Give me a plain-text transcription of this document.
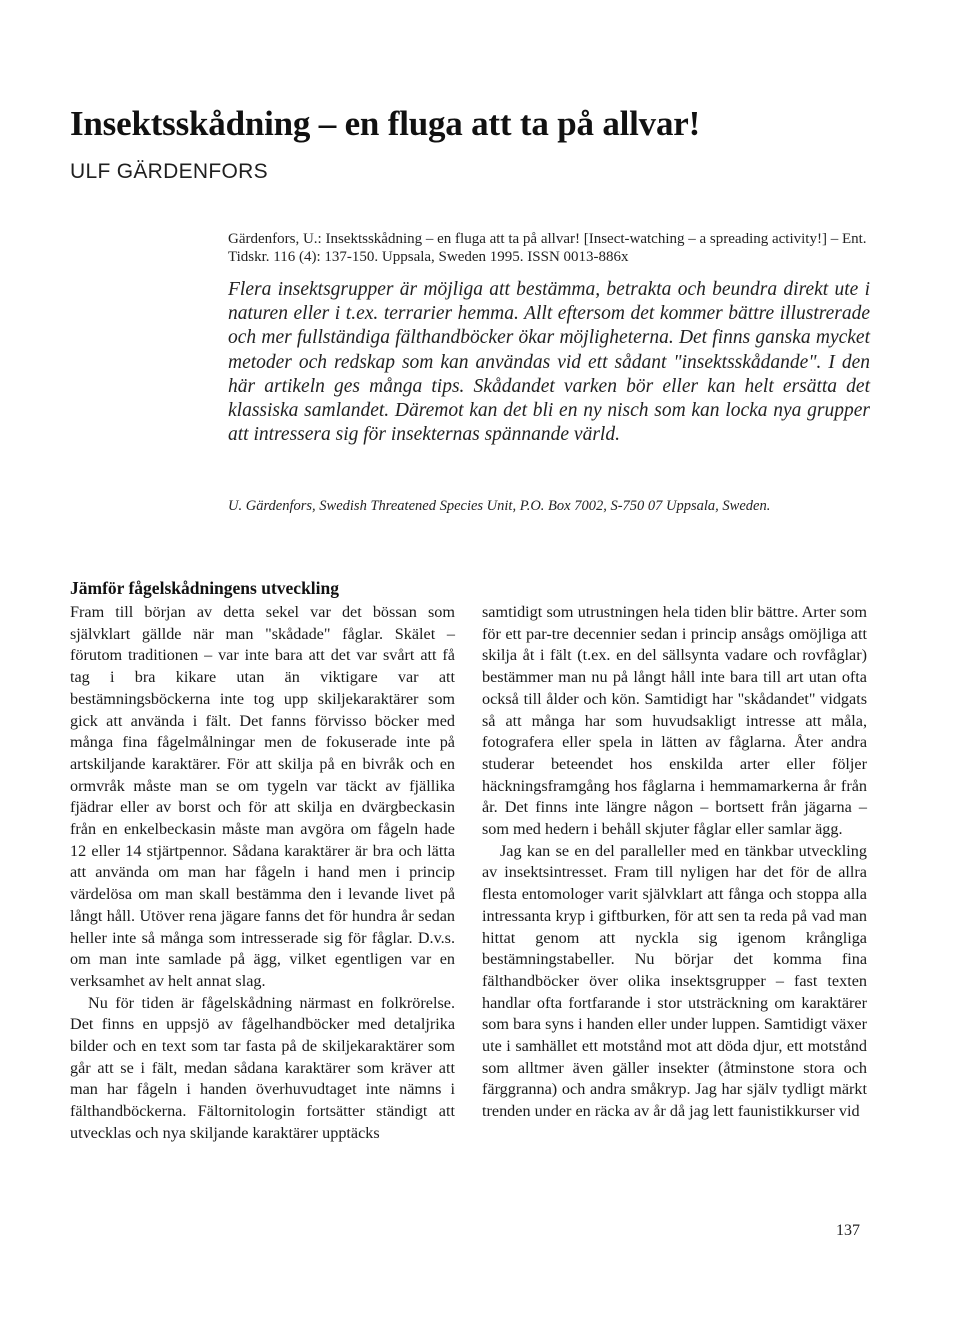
Insektsskådning – en fluga att ta på allvar!

ULF GÄRDENFORS

Gärdenfors, U.: Insektsskådning – en fluga att ta på allvar! [Insect-watching – a spreading activity!] – Ent. Tidskr. 116 (4): 137-150. Uppsala, Sweden 1995. ISSN 0013-886x

Flera insektsgrupper är möjliga att bestämma, betrakta och beundra direkt ute i naturen eller i t.ex. terrarier hemma. Allt eftersom det kommer bättre illustrerade och mer fullständiga fälthandböcker ökar möjligheterna. Det finns ganska mycket metoder och redskap som kan användas vid ett sådant "insektsskådande". I den här artikeln ges många tips. Skådandet varken bör eller kan helt ersätta det klassiska samlandet. Däremot kan det bli en ny nisch som kan locka nya grupper att intressera sig för insekternas spännande värld.

U. Gärdenfors, Swedish Threatened Species Unit, P.O. Box 7002, S-750 07 Uppsala, Sweden.

Jämför fågelskådningens utveckling

Fram till början av detta sekel var det bössan som självklart gällde när man "skådade" fåglar. Skälet – förutom traditionen – var inte bara att det var svårt att få tag i bra kikare utan än viktigare var att bestämningsböckerna inte tog upp skiljekaraktärer som gick att använda i fält. Det fanns förvisso böcker med många fina fågelmålningar men de fokuserade inte på artskiljande karaktärer. För att skilja på en bivråk och en ormvråk måste man se om tygeln var täckt av fjällika fjädrar eller av borst och för att skilja en dvärgbeckasin från en enkelbeckasin måste man avgöra om fågeln hade 12 eller 14 stjärtpennor. Sådana karaktärer är bra och lätta att använda om man har fågeln i hand men i princip värdelösa om man skall bestämma den i levande livet på långt håll. Utöver rena jägare fanns det för hundra år sedan heller inte så många som intresserade sig för fåglar. D.v.s. om man inte samlade på ägg, vilket egentligen var en verksamhet av helt annat slag.

Nu för tiden är fågelskådning närmast en folkrörelse. Det finns en uppsjö av fågelhandböcker med detaljrika bilder och en text som tar fasta på de skiljekaraktärer som går att se i fält, medan sådana karaktärer som kräver att man har fågeln i handen överhuvudtaget inte nämns i fälthandböckerna. Fältornitologin fortsätter ständigt att utvecklas och nya skiljande karaktärer upptäcks

samtidigt som utrustningen hela tiden blir bättre. Arter som för ett par-tre decennier sedan i princip ansågs omöjliga att skilja åt i fält (t.ex. en del sällsynta vadare och rovfåglar) bestämmer man nu på långt håll inte bara till art utan ofta också till ålder och kön. Samtidigt har "skådandet" vidgats så att många har som huvudsakligt intresse att måla, fotografera eller spela in lätten av fåglarna. Åter andra studerar beteendet hos enskilda arter eller följer häckningsframgång hos fåglarna i hemmamarkerna år från år. Det finns inte längre någon – bortsett från jägarna – som med hedern i behåll skjuter fåglar eller samlar ägg.

Jag kan se en del paralleller med en tänkbar utveckling av insektsintresset. Fram till nyligen har det för de allra flesta entomologer varit självklart att fånga och stoppa alla intressanta kryp i giftburken, för att sen ta reda på vad man hittat genom att nyckla sig igenom krångliga bestämningstabeller. Nu börjar det komma fina fälthandböcker över olika insektsgrupper – fast texten handlar ofta fortfarande i stor utsträckning om karaktärer som bara syns i handen eller under luppen. Samtidigt växer ute i samhället ett motstånd mot att döda djur, ett motstånd som alltmer även gäller insekter (åtminstone stora och färggranna) och andra småkryp. Jag har själv tydligt märkt trenden under en räcka av år då jag lett faunistikkurser vid

137
